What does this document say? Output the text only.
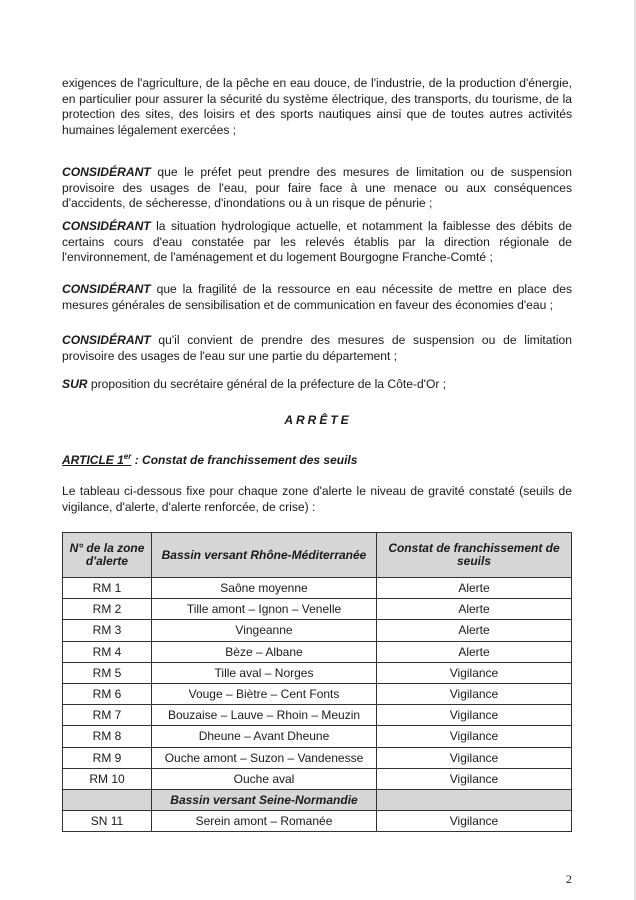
exigences de l'agriculture, de la pêche en eau douce, de l'industrie, de la production d'énergie, en particulier pour assurer la sécurité du système électrique, des transports, du tourisme, de la protection des sites, des loisirs et des sports nautiques ainsi que de toutes autres activités humaines légalement exercées ;

CONSIDÉRANT que le préfet peut prendre des mesures de limitation ou de suspension provisoire des usages de l'eau, pour faire face à une menace ou aux conséquences d'accidents, de sécheresse, d'inondations ou à un risque de pénurie ;

CONSIDÉRANT la situation hydrologique actuelle, et notamment la faiblesse des débits de certains cours d'eau constatée par les relevés établis par la direction régionale de l'environnement, de l'aménagement et du logement Bourgogne Franche-Comté ;

CONSIDÉRANT que la fragilité de la ressource en eau nécessite de mettre en place des mesures générales de sensibilisation et de communication en faveur des économies d'eau ;

CONSIDÉRANT qu'il convient de prendre des mesures de suspension ou de limitation provisoire des usages de l'eau sur une partie du département ;

SUR proposition du secrétaire général de la préfecture de la Côte-d'Or ;

ARRÊTE
ARTICLE 1er : Constat de franchissement des seuils

Le tableau ci-dessous fixe pour chaque zone d'alerte le niveau de gravité constaté (seuils de vigilance, d'alerte, d'alerte renforcée, de crise) :

N° de la zone d'alerte	Bassin versant Rhône-Méditerranée	Constat de franchissement de seuils
RM 1	Saône moyenne	Alerte
RM 2	Tille amont – Ignon – Venelle	Alerte
RM 3	Vingeanne	Alerte
RM 4	Bèze – Albane	Alerte
RM 5	Tille aval – Norges	Vigilance
RM 6	Vouge – Biètre – Cent Fonts	Vigilance
RM 7	Bouzaise – Lauve – Rhoin – Meuzin	Vigilance
RM 8	Dheune – Avant Dheune	Vigilance
RM 9	Ouche amont – Suzon – Vandenesse	Vigilance
RM 10	Ouche aval	Vigilance
	Bassin versant Seine-Normandie	
SN 11	Serein amont – Romanée	Vigilance
2
